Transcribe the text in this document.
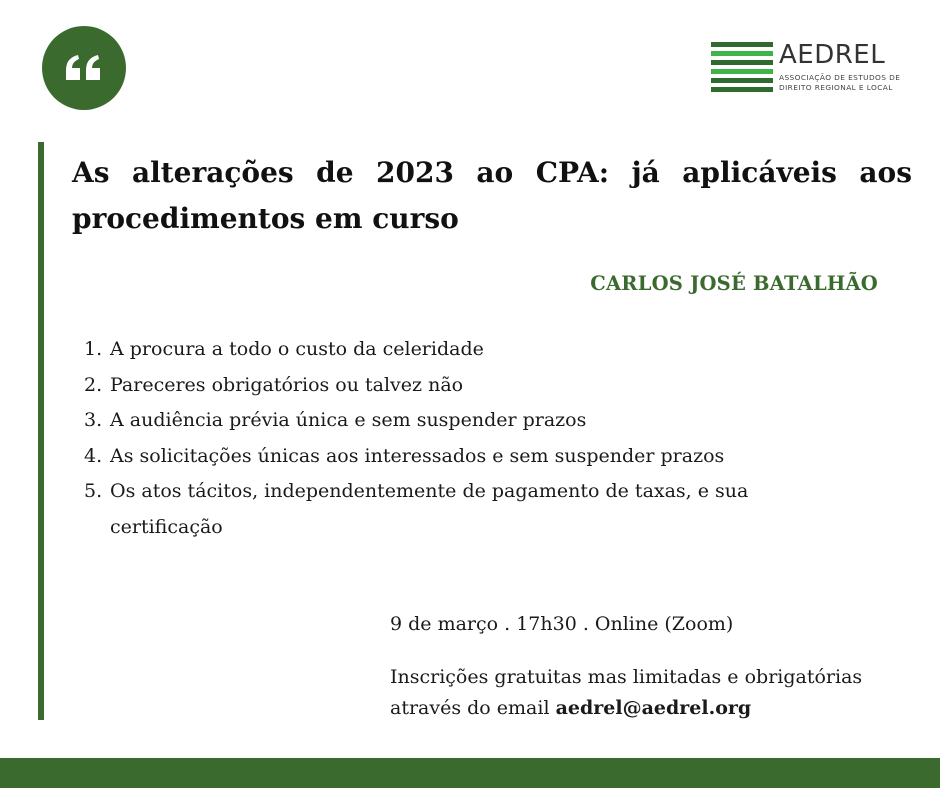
AEDREL
ASSOCIAÇÃO DE ESTUDOS DE
DIREITO REGIONAL E LOCAL
As alterações de 2023 ao CPA: já aplicáveis aos procedimentos em curso
CARLOS JOSÉ BATALHÃO
1. A procura a todo o custo da celeridade
2. Pareceres obrigatórios ou talvez não
3. A audiência prévia única e sem suspender prazos
4. As solicitações únicas aos interessados e sem suspender prazos
5. Os atos tácitos, independentemente de pagamento de taxas, e sua certificação
9 de março . 17h30 . Online (Zoom)
Inscrições gratuitas mas limitadas e obrigatórias através do email aedrel@aedrel.org
